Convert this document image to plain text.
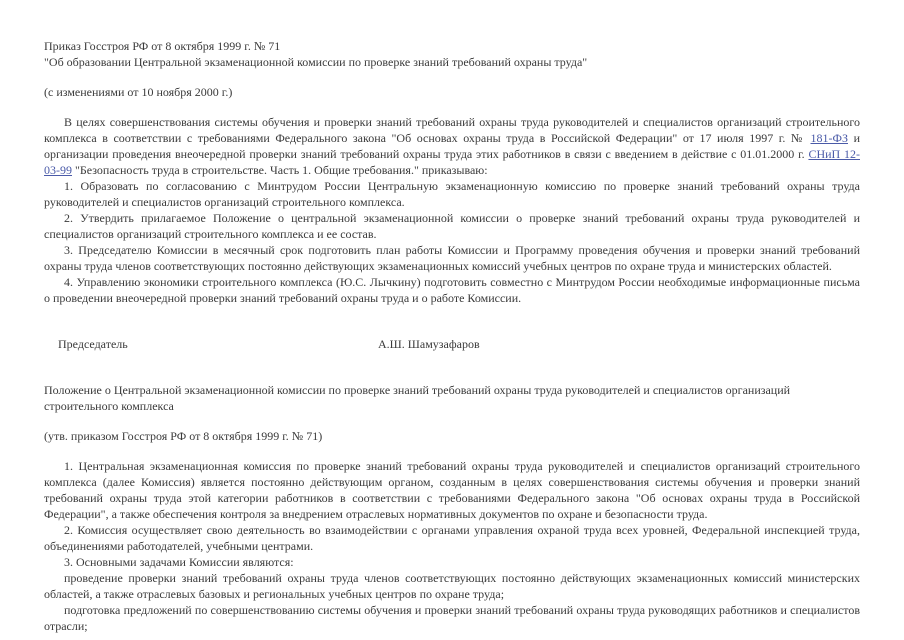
Приказ Госстроя РФ от 8 октября 1999 г. № 71

"Об образовании Центральной экзаменационной комиссии по проверке знаний требований охраны труда"

(с изменениями от 10 ноября 2000 г.)

В целях совершенствования системы обучения и проверки знаний требований охраны труда руководителей и специалистов организаций строительного комплекса в соответствии с требованиями Федерального закона "Об основах охраны труда в Российской Федерации" от 17 июля 1997 г. № 181-ФЗ и организации проведения внеочередной проверки знаний требований охраны труда этих работников в связи с введением в действие с 01.01.2000 г. СНиП 12-03-99 "Безопасность труда в строительстве. Часть 1. Общие требования." приказываю:

1. Образовать по согласованию с Минтрудом России Центральную экзаменационную комиссию по проверке знаний требований охраны труда руководителей и специалистов организаций строительного комплекса.

2. Утвердить прилагаемое Положение о центральной экзаменационной комиссии о проверке знаний требований охраны труда руководителей и специалистов организаций строительного комплекса и ее состав.

3. Председателю Комиссии в месячный срок подготовить план работы Комиссии и Программу проведения обучения и проверки знаний требований охраны труда членов соответствующих постоянно действующих экзаменационных комиссий учебных центров по охране труда и министерских областей.

4. Управлению экономики строительного комплекса (Ю.С. Лычкину) подготовить совместно с Минтрудом России необходимые информационные письма о проведении внеочередной проверки знаний требований охраны труда и о работе Комиссии.

Председатель	А.Ш. Шамузафаров

Положение о Центральной экзаменационной комиссии по проверке знаний требований охраны труда руководителей и специалистов организаций строительного комплекса

(утв. приказом Госстроя РФ от 8 октября 1999 г. № 71)

1. Центральная экзаменационная комиссия по проверке знаний требований охраны труда руководителей и специалистов организаций строительного комплекса (далее Комиссия) является постоянно действующим органом, созданным в целях совершенствования системы обучения и проверки знаний требований охраны труда этой категории работников в соответствии с требованиями Федерального закона "Об основах охраны труда в Российской Федерации", а также обеспечения контроля за внедрением отраслевых нормативных документов по охране и безопасности труда.

2. Комиссия осуществляет свою деятельность во взаимодействии с органами управления охраной труда всех уровней, Федеральной инспекцией труда, объединениями работодателей, учебными центрами.

3. Основными задачами Комиссии являются:

проведение проверки знаний требований охраны труда членов соответствующих постоянно действующих экзаменационных комиссий министерских областей, а также отраслевых базовых и региональных учебных центров по охране труда;

подготовка предложений по совершенствованию системы обучения и проверки знаний требований охраны труда руководящих работников и специалистов отрасли;
